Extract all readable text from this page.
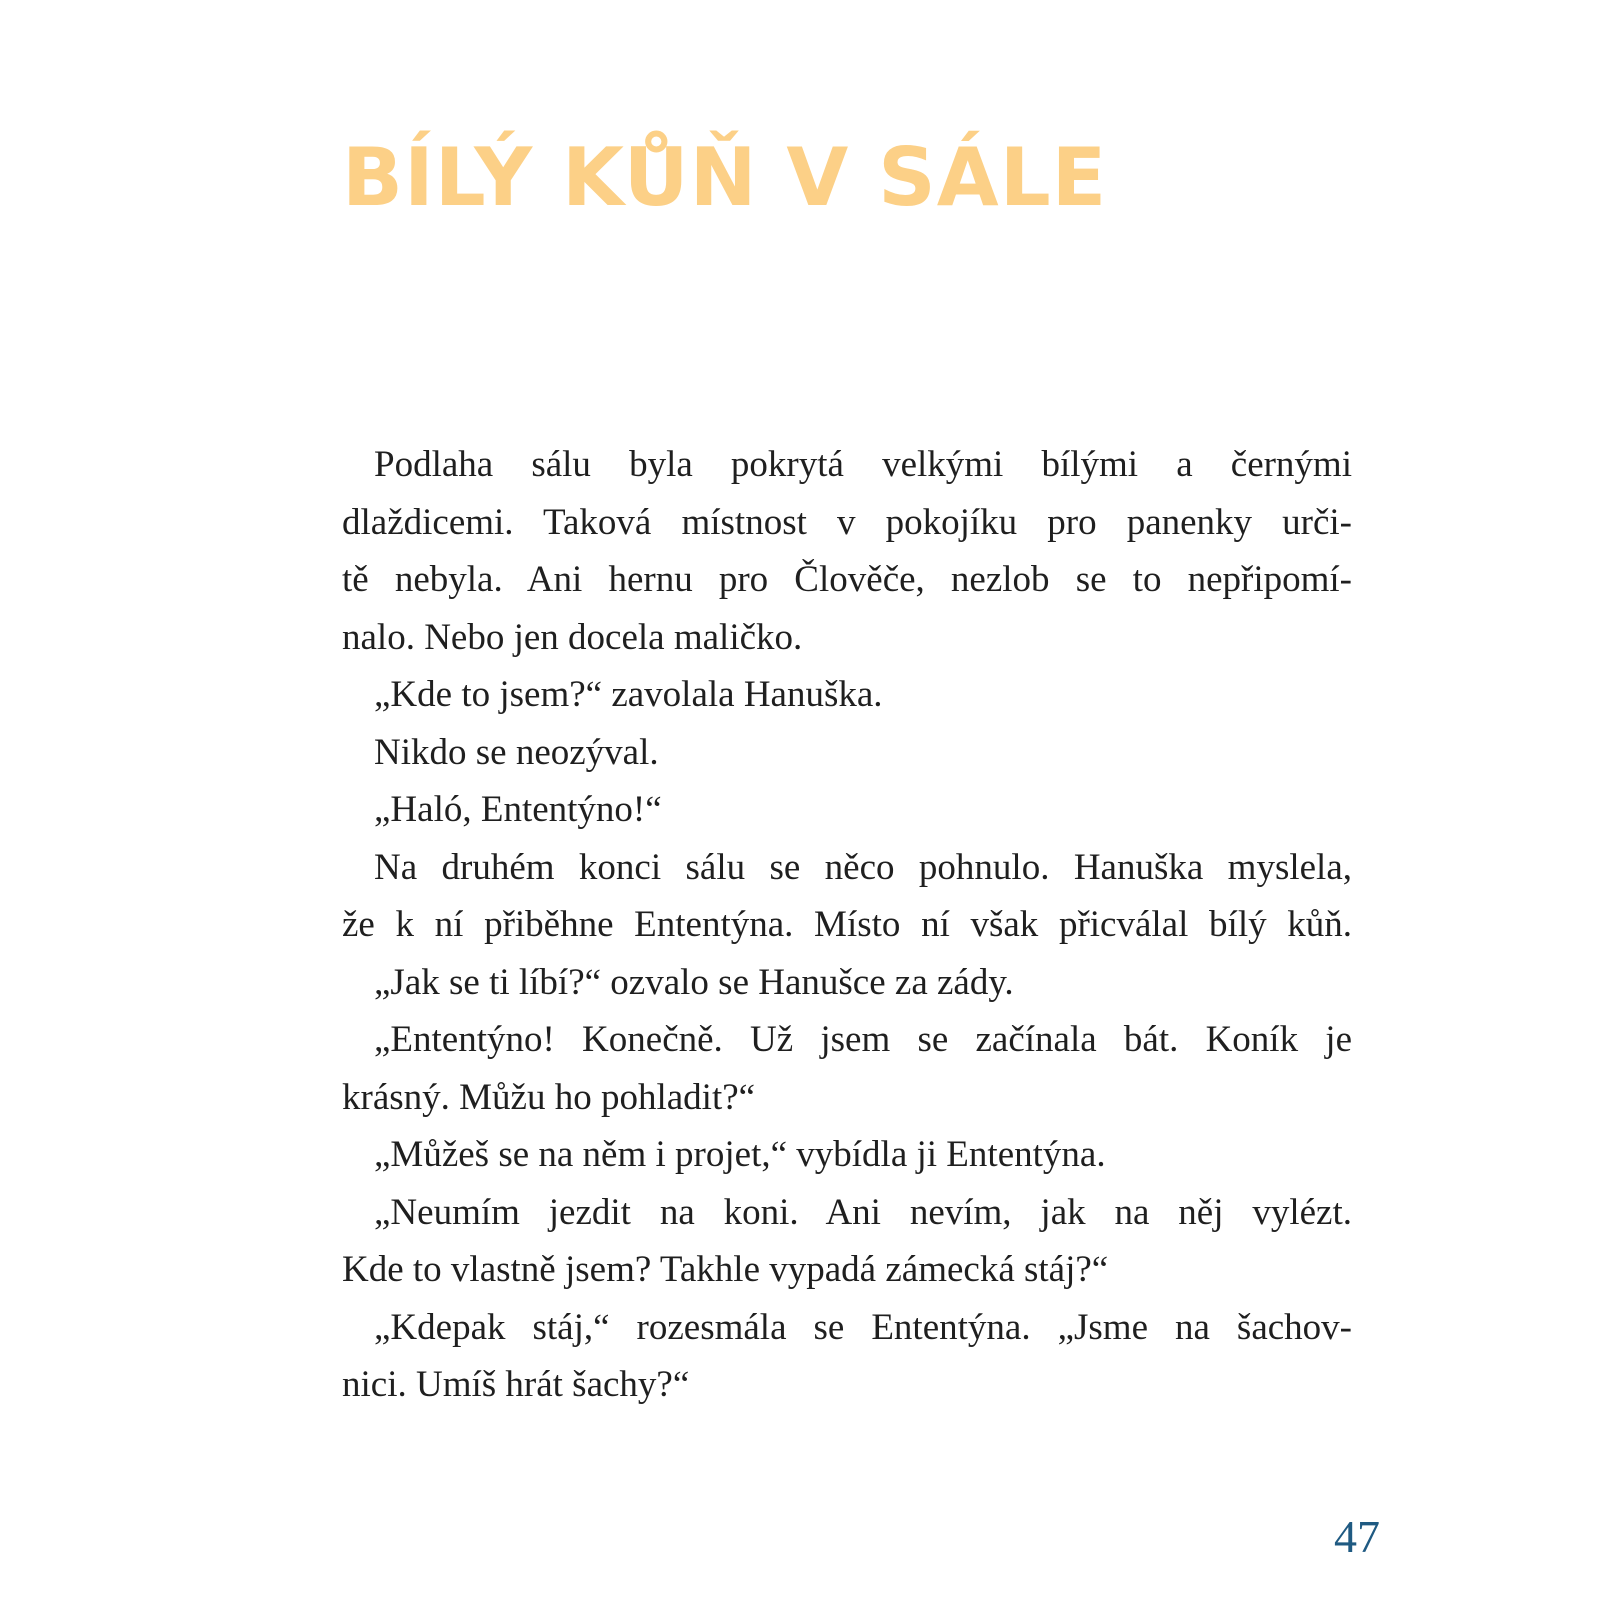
BÍLÝ KŮŇ V SÁLE
Podlaha sálu byla pokrytá velkými bílými a černými
dlaždicemi. Taková místnost v pokojíku pro panenky urči-
tě nebyla. Ani hernu pro Člověče, nezlob se to nepřipomí-
nalo. Nebo jen docela maličko.
„Kde to jsem?“ zavolala Hanuška.
Nikdo se neozýval.
„Haló, Ententýno!“
Na druhém konci sálu se něco pohnulo. Hanuška myslela,
že k ní přiběhne Ententýna. Místo ní však přicválal bílý kůň.
„Jak se ti líbí?“ ozvalo se Hanušce za zády.
„Ententýno! Konečně. Už jsem se začínala bát. Koník je
krásný. Můžu ho pohladit?“
„Můžeš se na něm i projet,“ vybídla ji Ententýna.
„Neumím jezdit na koni. Ani nevím, jak na něj vylézt.
Kde to vlastně jsem? Takhle vypadá zámecká stáj?“
„Kdepak stáj,“ rozesmála se Ententýna. „Jsme na šachov-
nici. Umíš hrát šachy?“
47
